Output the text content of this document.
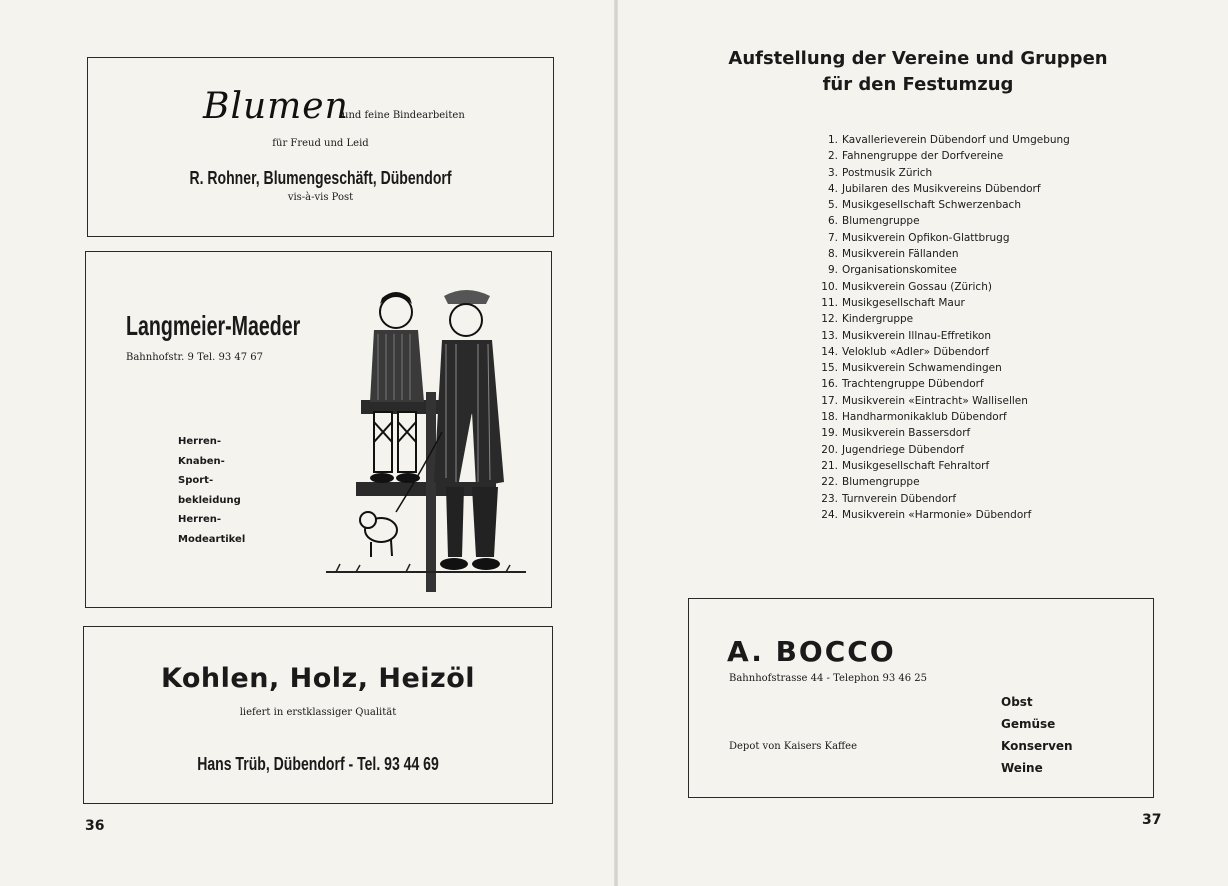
Blumen
und feine Bindearbeiten
für Freud und Leid
R. Rohner, Blumengeschäft, Dübendorf
vis-à-vis Post
Langmeier-Maeder
Bahnhofstr. 9 Tel. 93 47 67
Herren-
Knaben-
Sport-
bekleidung
Herren-
Modeartikel
Kohlen, Holz, Heizöl
liefert in erstklassiger Qualität
Hans Trüb, Dübendorf - Tel. 93 44 69
36
Aufstellung der Vereine und Gruppen
für den Festumzug
1. Kavallerieverein Dübendorf und Umgebung
2. Fahnengruppe der Dorfvereine
3. Postmusik Zürich
4. Jubilaren des Musikvereins Dübendorf
5. Musikgesellschaft Schwerzenbach
6. Blumengruppe
7. Musikverein Opfikon-Glattbrugg
8. Musikverein Fällanden
9. Organisationskomitee
10. Musikverein Gossau (Zürich)
11. Musikgesellschaft Maur
12. Kindergruppe
13. Musikverein Illnau-Effretikon
14. Veloklub «Adler» Dübendorf
15. Musikverein Schwamendingen
16. Trachtengruppe Dübendorf
17. Musikverein «Eintracht» Wallisellen
18. Handharmonikaklub Dübendorf
19. Musikverein Bassersdorf
20. Jugendriege Dübendorf
21. Musikgesellschaft Fehraltorf
22. Blumengruppe
23. Turnverein Dübendorf
24. Musikverein «Harmonie» Dübendorf
A. BOCCO
Bahnhofstrasse 44 - Telephon 93 46 25
Depot von Kaisers Kaffee
Obst
Gemüse
Konserven
Weine
37
